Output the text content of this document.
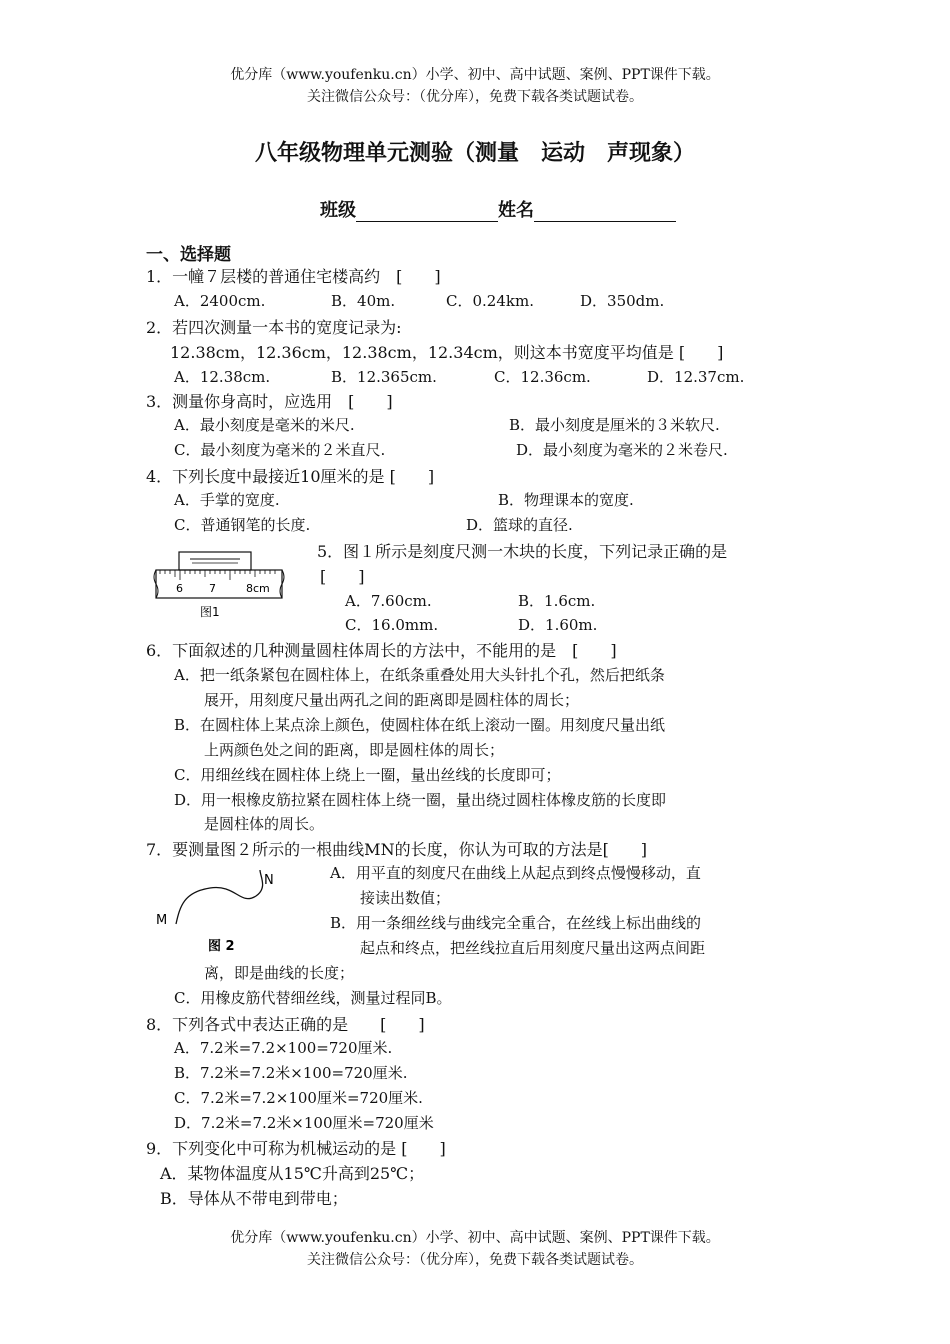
优分库（www.youfenku.cn）小学、初中、高中试题、案例、PPT课件下载。
关注微信公众号：（优分库），免费下载各类试题试卷。
八年级物理单元测验（测量　运动　声现象）
班级	姓名
一、选择题
1．一幢７层楼的普通住宅楼高约　[　　]
A．2400cm.	B．40m.	C．0.24km.	D．350dm.
2．若四次测量一本书的宽度记录为:
12.38cm，12.36cm，12.38cm，12.34cm，则这本书宽度平均值是 [　　]
A．12.38cm.	B．12.365cm.	C．12.36cm.	D．12.37cm.
3．测量你身高时，应选用　[　　]
A．最小刻度是毫米的米尺.	B．最小刻度是厘米的３米软尺.
C．最小刻度为毫米的２米直尺.	D．最小刻度为毫米的２米卷尺.
4．下列长度中最接近10厘米的是 [　　]
A．手掌的宽度.	B．物理课本的宽度.
C．普通钢笔的长度.	D．篮球的直径.
6 7	8cm
图1
5．图１所示是刻度尺测一木块的长度，下列记录正确的是
[　　]
A．7.60cm.	B．1.6cm.
C．16.0mm.	D．1.60m.
6．下面叙述的几种测量圆柱体周长的方法中，不能用的是　[　　]
A．把一纸条紧包在圆柱体上，在纸条重叠处用大头针扎个孔，然后把纸条
展开，用刻度尺量出两孔之间的距离即是圆柱体的周长；
B．在圆柱体上某点涂上颜色，使圆柱体在纸上滚动一圈。用刻度尺量出纸
上两颜色处之间的距离，即是圆柱体的周长；
C．用细丝线在圆柱体上绕上一圈，量出丝线的长度即可；
D．用一根橡皮筋拉紧在圆柱体上绕一圈，量出绕过圆柱体橡皮筋的长度即
是圆柱体的周长。
7．要测量图２所示的一根曲线MN的长度，你认为可取的方法是[　　]
M
N
图 2
A．用平直的刻度尺在曲线上从起点到终点慢慢移动，直
接读出数值；
B．用一条细丝线与曲线完全重合，在丝线上标出曲线的
起点和终点，把丝线拉直后用刻度尺量出这两点间距
离，即是曲线的长度；
C．用橡皮筋代替细丝线，测量过程同B。
8．下列各式中表达正确的是　　[　　]
A．7.2米=7.2×100=720厘米.
B．7.2米=7.2米×100=720厘米.
C．7.2米=7.2×100厘米=720厘米.
D．7.2米=7.2米×100厘米=720厘米
9．下列变化中可称为机械运动的是 [　　]
A．某物体温度从15℃升高到25℃；
B．导体从不带电到带电；
优分库（www.youfenku.cn）小学、初中、高中试题、案例、PPT课件下载。
关注微信公众号：（优分库），免费下载各类试题试卷。
